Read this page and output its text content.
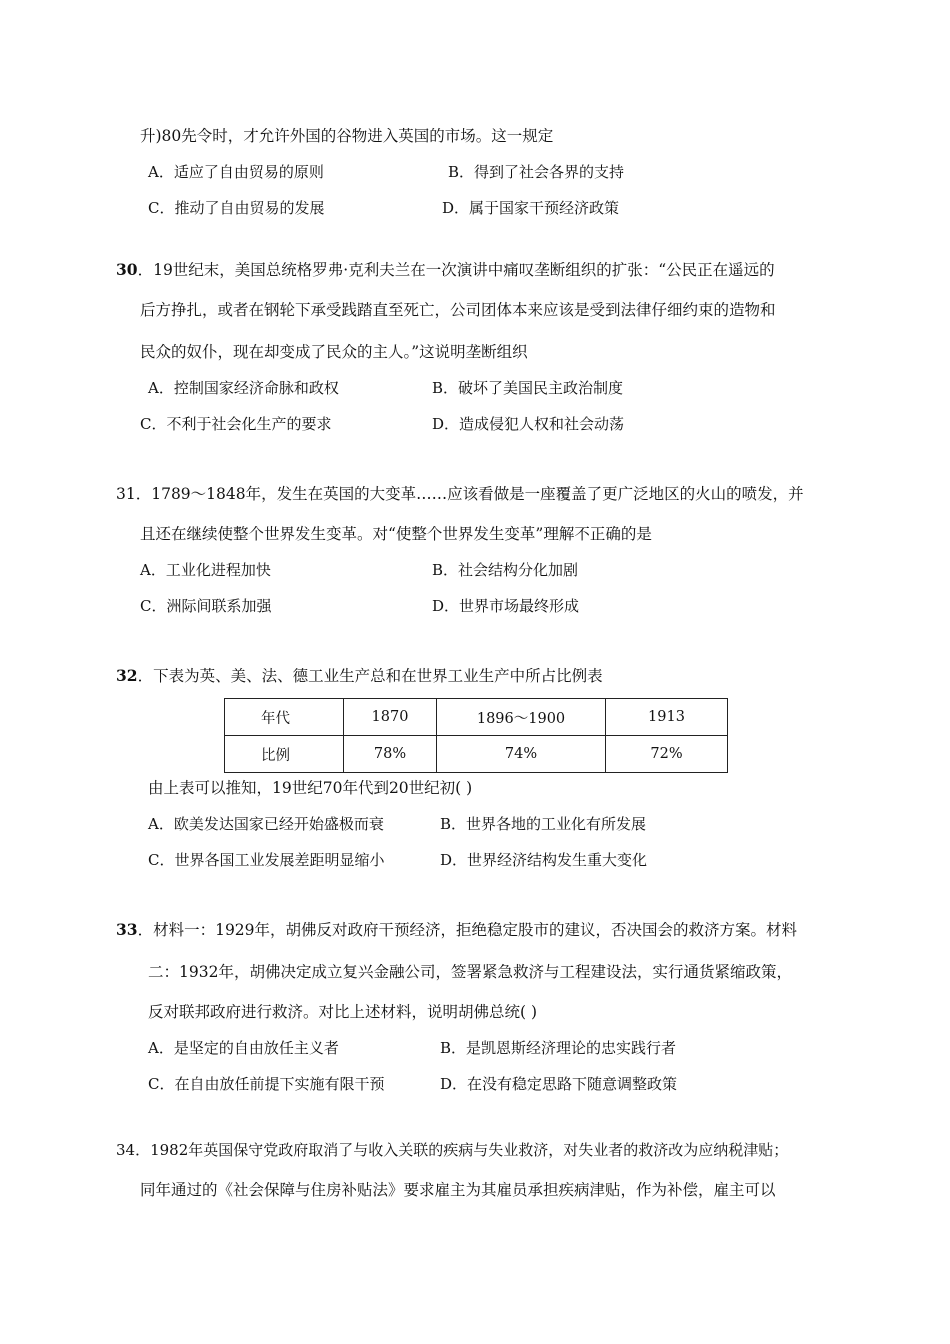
升)80先令时，才允许外国的谷物进入英国的市场。这一规定
A．适应了自由贸易的原则	B．得到了社会各界的支持
C．推动了自由贸易的发展	D．属于国家干预经济政策
30．19世纪末，美国总统格罗弗·克利夫兰在一次演讲中痛叹垄断组织的扩张：“公民正在遥远的
后方挣扎，或者在钢轮下承受践踏直至死亡，公司团体本来应该是受到法律仔细约束的造物和
民众的奴仆，现在却变成了民众的主人。”这说明垄断组织
A．控制国家经济命脉和政权	B．破坏了美国民主政治制度
C．不利于社会化生产的要求	D．造成侵犯人权和社会动荡
31．1789～1848年，发生在英国的大变革……应该看做是一座覆盖了更广泛地区的火山的喷发，并
且还在继续使整个世界发生变革。对“使整个世界发生变革”理解不正确的是
A．工业化进程加快	B．社会结构分化加剧
C．洲际间联系加强	D．世界市场最终形成
32．下表为英、美、法、德工业生产总和在世界工业生产中所占比例表
年代	1870	1896～1900	1913
比例	78%	74%	72%
由上表可以推知，19世纪70年代到20世纪初( )
A．欧美发达国家已经开始盛极而衰	B．世界各地的工业化有所发展
C．世界各国工业发展差距明显缩小	D．世界经济结构发生重大变化
33．材料一：1929年，胡佛反对政府干预经济，拒绝稳定股市的建议，否决国会的救济方案。材料
二：1932年，胡佛决定成立复兴金融公司，签署紧急救济与工程建设法，实行通货紧缩政策，
反对联邦政府进行救济。对比上述材料，说明胡佛总统( )
A．是坚定的自由放任主义者	B．是凯恩斯经济理论的忠实践行者
C．在自由放任前提下实施有限干预	D．在没有稳定思路下随意调整政策
34．1982年英国保守党政府取消了与收入关联的疾病与失业救济，对失业者的救济改为应纳税津贴；
同年通过的《社会保障与住房补贴法》要求雇主为其雇员承担疾病津贴，作为补偿，雇主可以
